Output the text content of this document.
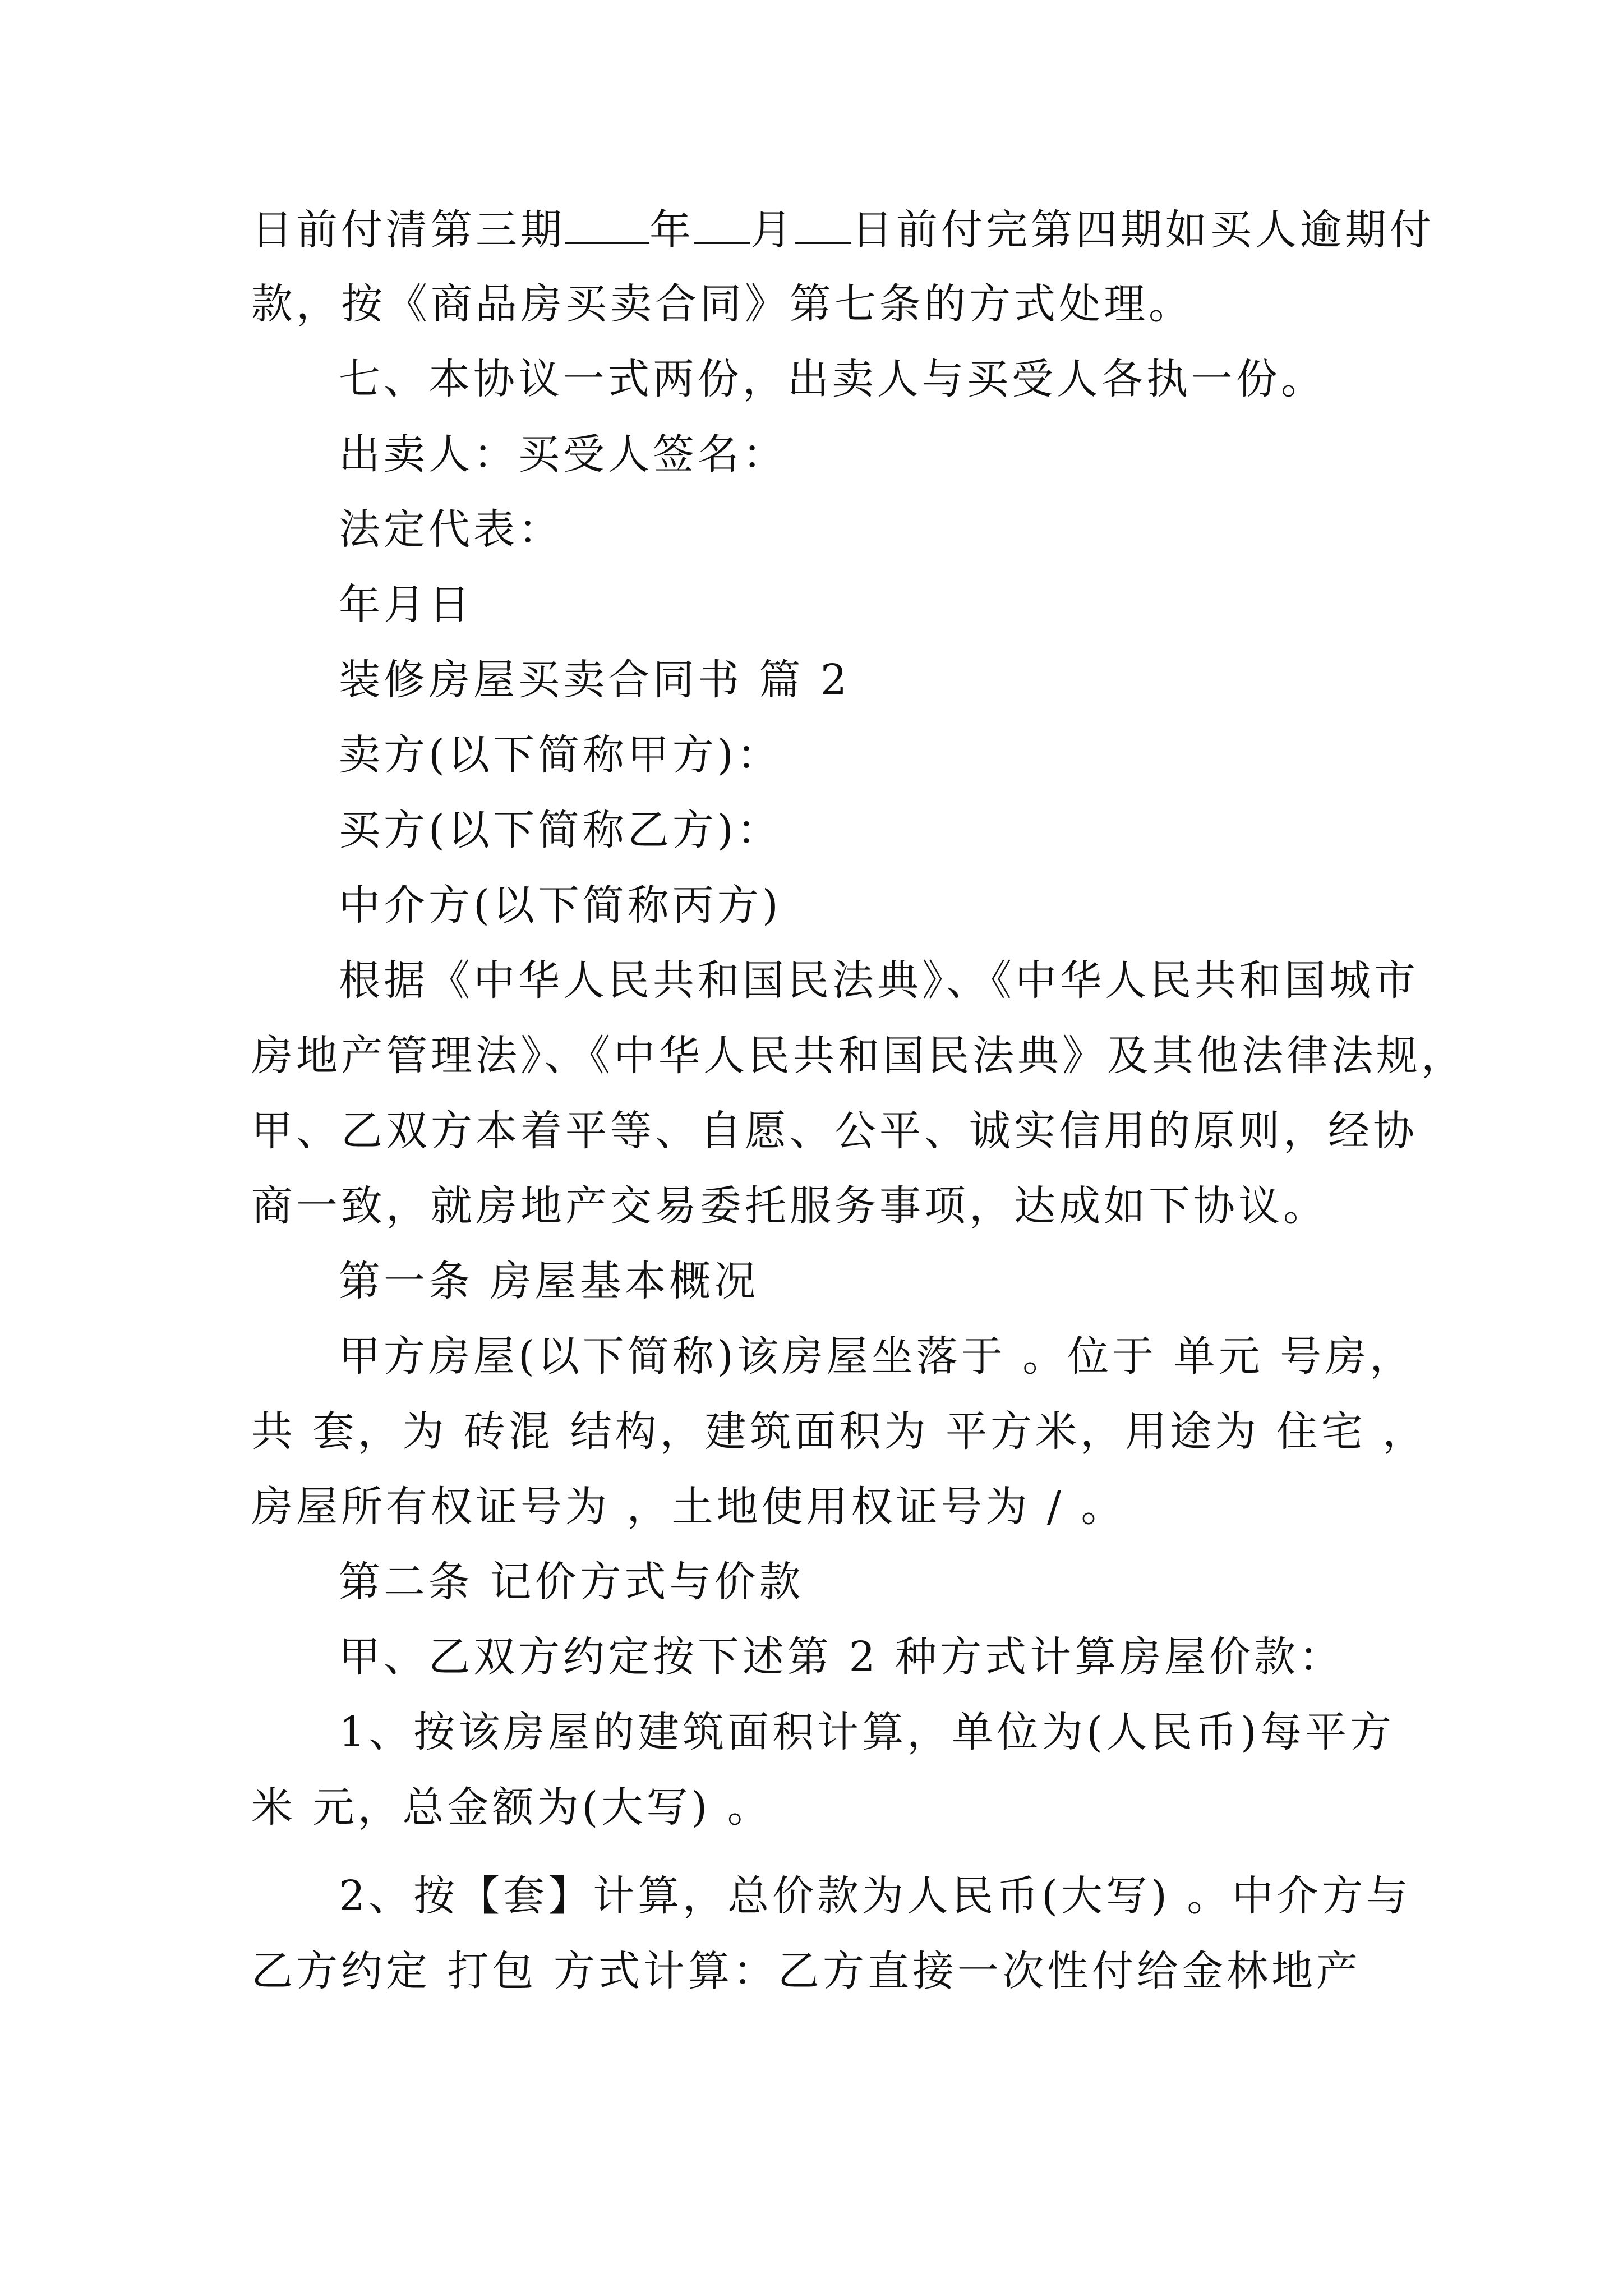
日前付清第三期 年 月 日前付完第四期如买人逾期付
款，按《商品房买卖合同》第七条的方式处理。
七、本协议一式两份，出卖人与买受人各执一份。
出卖人：买受人签名：
法定代表：
年月日
装修房屋买卖合同书 篇 2
卖方(以下简称甲方)：
买方(以下简称乙方)：
中介方(以下简称丙方)
根据《中华人民共和国民法典》、《中华人民共和国城市
房地产管理法》、《中华人民共和国民法典》及其他法律法规，
甲、乙双方本着平等、自愿、公平、诚实信用的原则，经协
商一致，就房地产交易委托服务事项，达成如下协议。
第一条 房屋基本概况
甲方房屋(以下简称)该房屋坐落于 。位于 单元 号房，
共 套，为 砖混 结构，建筑面积为 平方米，用途为 住宅 ，
房屋所有权证号为 ，土地使用权证号为 / 。
第二条 记价方式与价款
甲、乙双方约定按下述第 2 种方式计算房屋价款：
1、按该房屋的建筑面积计算，单位为(人民币)每平方
米 元，总金额为(大写) 。
2、按【套】计算，总价款为人民币(大写) 。中介方与
乙方约定 打包 方式计算：乙方直接一次性付给金林地产
